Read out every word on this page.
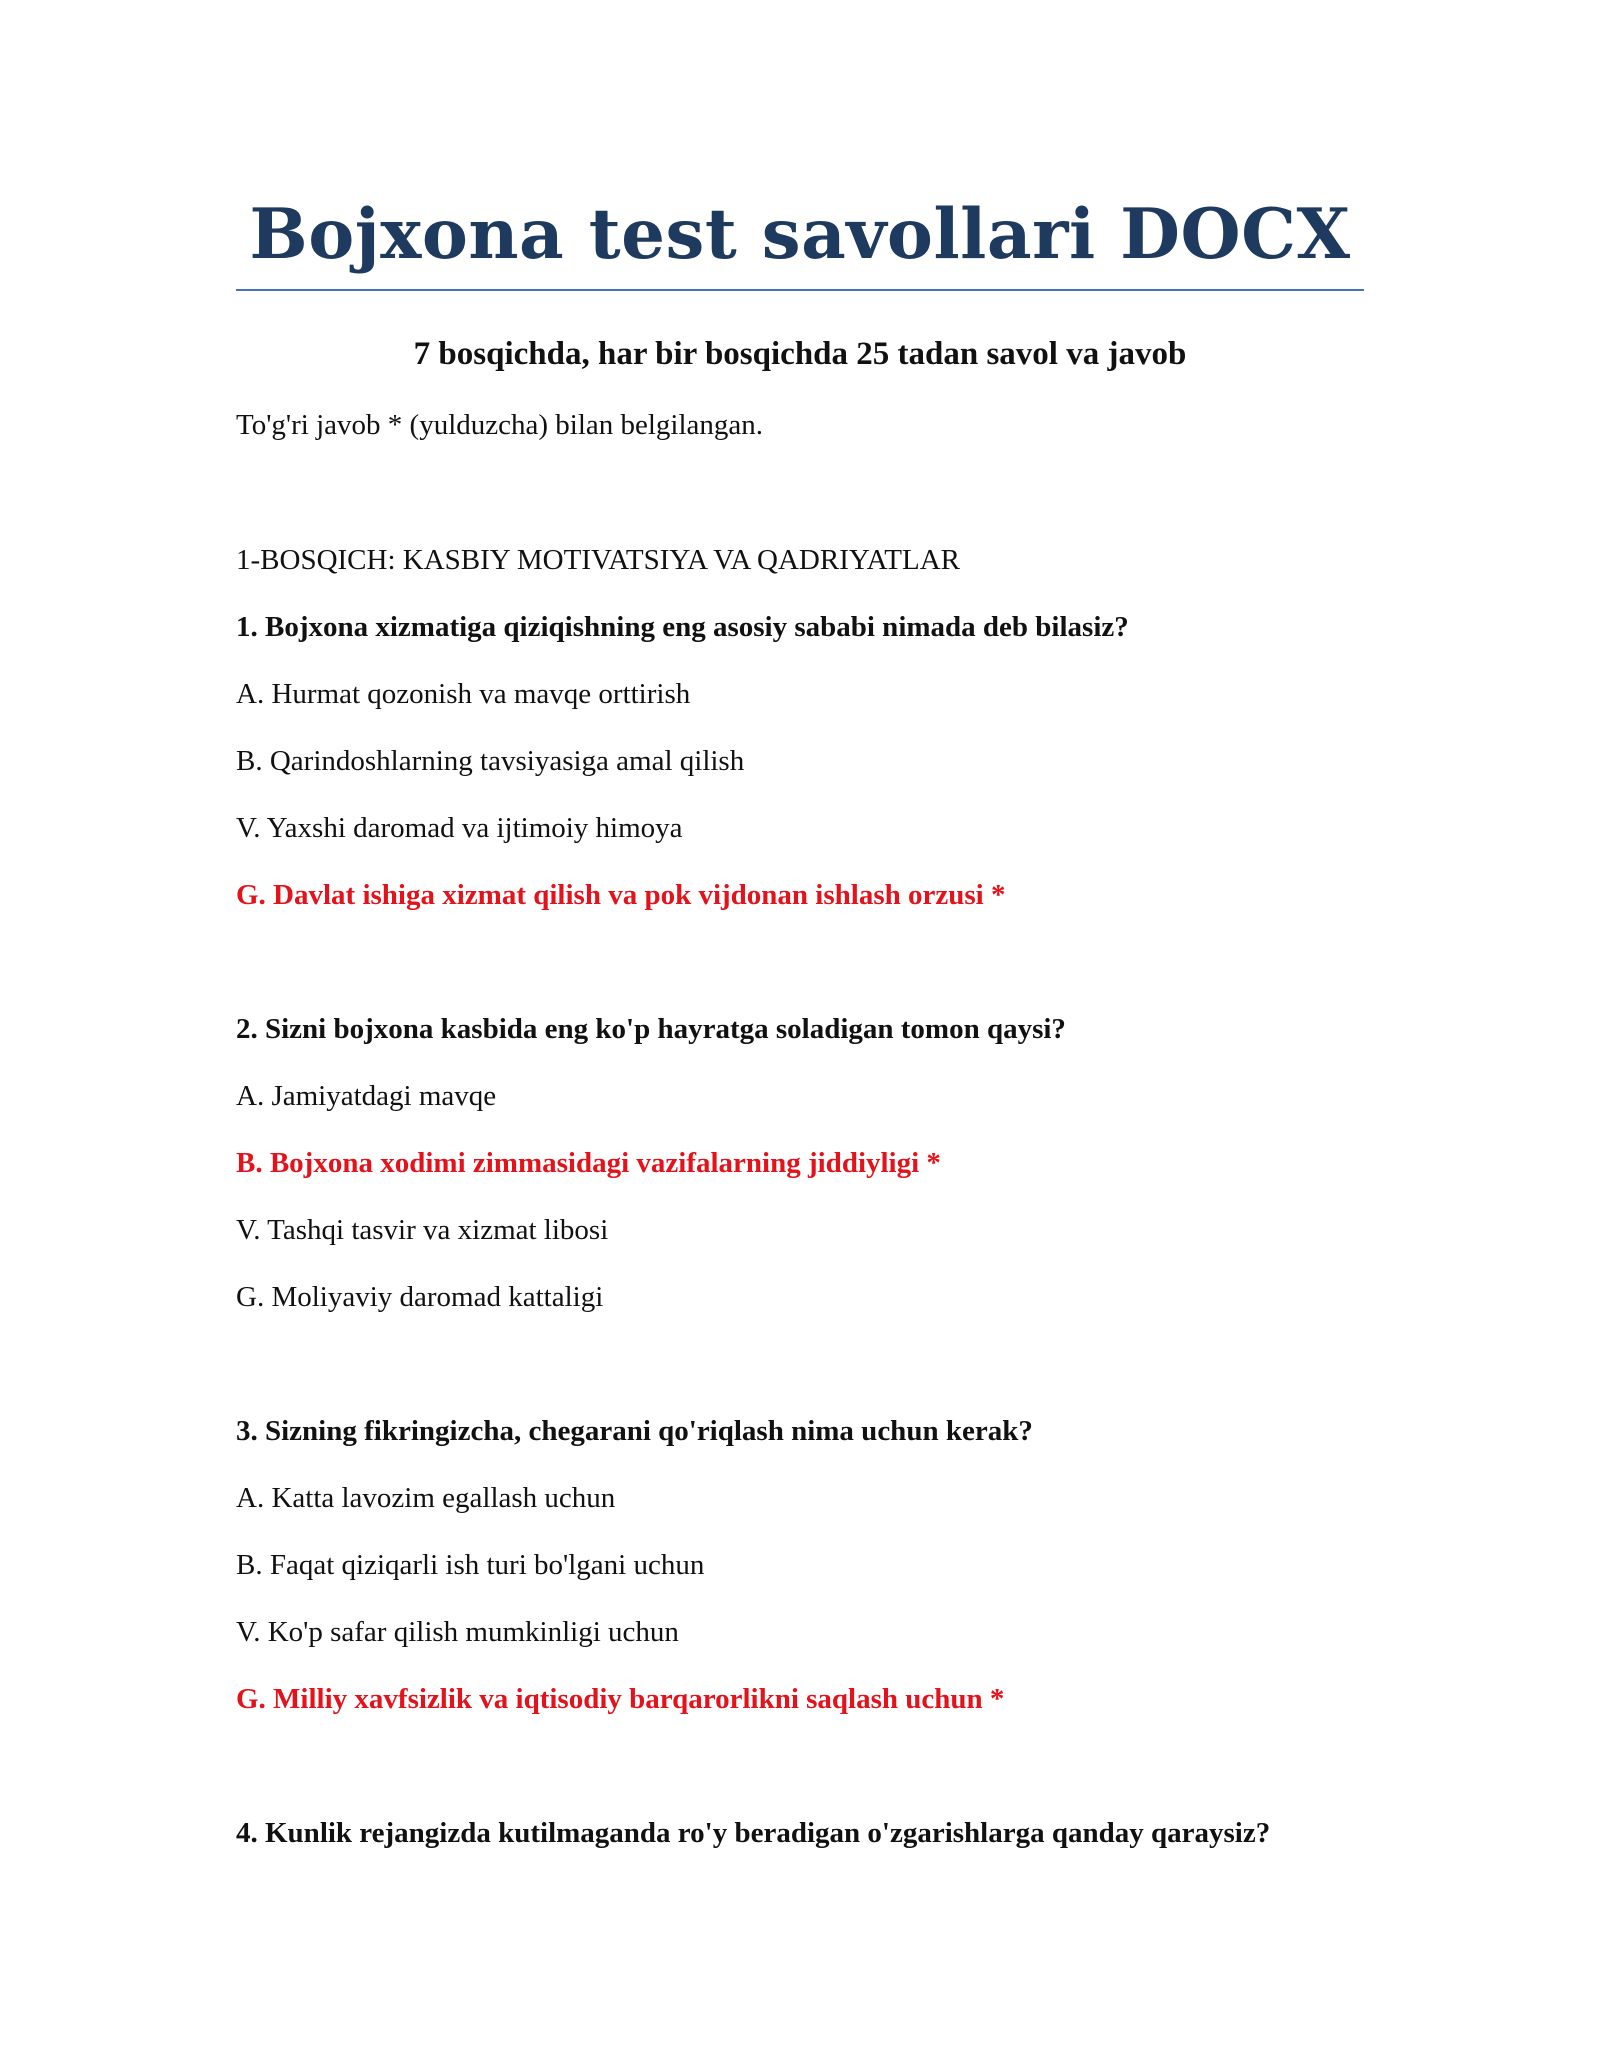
Bojxona test savollari DOCX
7 bosqichda, har bir bosqichda 25 tadan savol va javob

To'g'ri javob * (yulduzcha) bilan belgilangan.

1-BOSQICH: KASBIY MOTIVATSIYA VA QADRIYATLAR

1. Bojxona xizmatiga qiziqishning eng asosiy sababi nimada deb bilasiz?

A. Hurmat qozonish va mavqe orttirish

B. Qarindoshlarning tavsiyasiga amal qilish

V. Yaxshi daromad va ijtimoiy himoya

G. Davlat ishiga xizmat qilish va pok vijdonan ishlash orzusi *

2. Sizni bojxona kasbida eng ko'p hayratga soladigan tomon qaysi?

A. Jamiyatdagi mavqe

B. Bojxona xodimi zimmasidagi vazifalarning jiddiyligi *

V. Tashqi tasvir va xizmat libosi

G. Moliyaviy daromad kattaligi

3. Sizning fikringizcha, chegarani qo'riqlash nima uchun kerak?

A. Katta lavozim egallash uchun

B. Faqat qiziqarli ish turi bo'lgani uchun

V. Ko'p safar qilish mumkinligi uchun

G. Milliy xavfsizlik va iqtisodiy barqarorlikni saqlash uchun *

4. Kunlik rejangizda kutilmaganda ro'y beradigan o'zgarishlarga qanday qaraysiz?
